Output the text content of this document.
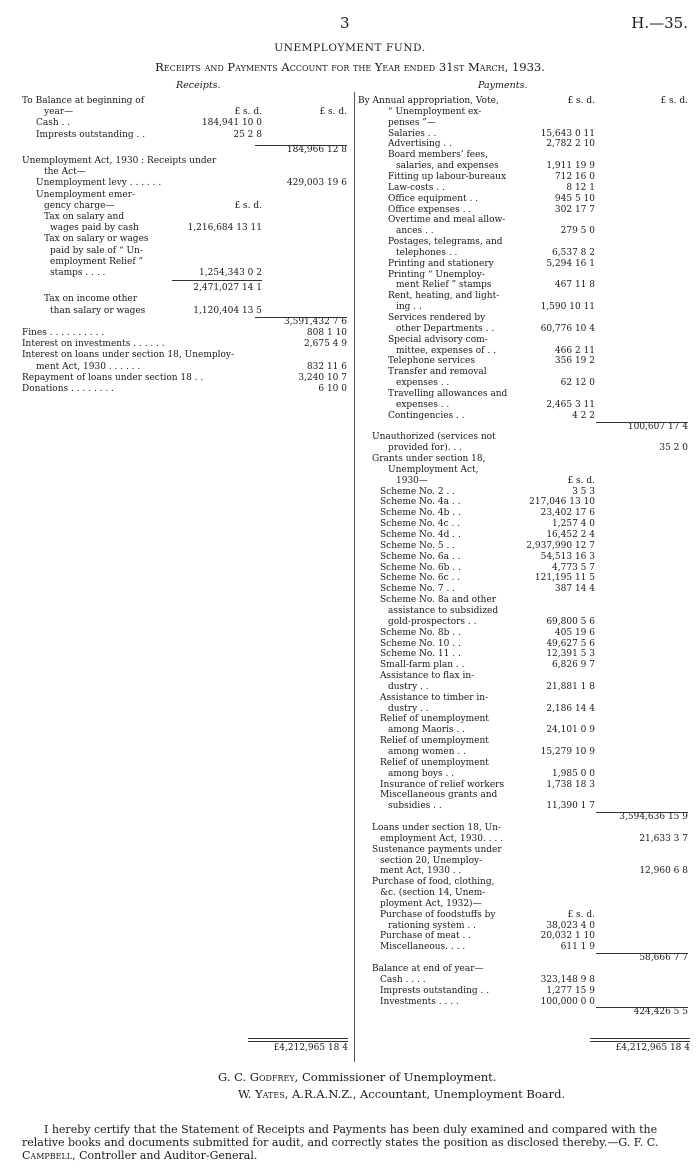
3	H.—35.
UNEMPLOYMENT FUND.
Receipts and Payments Account for the Year ended 31st March, 1933.
Receipts.	Payments.
To Balance at beginning of
year—	£ s. d.	£ s. d.
Cash . .	184,941 10 0
Imprests outstanding . .	25 2 8
184,966 12 8
Unemployment Act, 1930 : Receipts under
the Act—
Unemployment levy . . . . . .	429,003 19 6
Unemployment emer-
gency charge—	£ s. d.
Tax on salary and
wages paid by cash	1,216,684 13 11
Tax on salary or wages
paid by sale of “ Un-
employment Relief ”
stamps . . . .	1,254,343 0 2
2,471,027 14 1
Tax on income other
than salary or wages	1,120,404 13 5
3,591,432 7 6
Fines . . . . . . . . . .	808 1 10
Interest on investments . . . . . .	2,675 4 9
Interest on loans under section 18, Unemploy-
ment Act, 1930 . . . . . .	832 11 6
Repayment of loans under section 18 . .	3,240 10 7
Donations . . . . . . . .	6 10 0
By Annual appropriation, Vote,	£ s. d.	£ s. d.
“ Unemployment ex-
penses ”—
Salaries . .	15,643 0 11
Advertising . .	2,782 2 10
Board members’ fees,
salaries, and expenses	1,911 19 9
Fitting up labour-bureaux	712 16 0
Law-costs . .	8 12 1
Office equipment . .	945 5 10
Office expenses . .	302 17 7
Overtime and meal allow-
ances . .	279 5 0
Postages, telegrams, and
telephones . .	6,537 8 2
Printing and stationery	5,294 16 1
Printing “ Unemploy-
ment Relief ” stamps	467 11 8
Rent, heating, and light-
ing . .	1,590 10 11
Services rendered by
other Departments . .	60,776 10 4
Special advisory com-
mittee, expenses of . .	466 2 11
Telephone services	356 19 2
Transfer and removal
expenses . .	62 12 0
Travelling allowances and
expenses . .	2,465 3 11
Contingencies . .	4 2 2
100,607 17 4
Unauthorized (services not
provided for). . .	35 2 0
Grants under section 18,
Unemployment Act,
1930—	£ s. d.
Scheme No. 2 . .	3 5 3
Scheme No. 4a . .	217,046 13 10
Scheme No. 4b . .	23,402 17 6
Scheme No. 4c . .	1,257 4 0
Scheme No. 4d . .	16,452 2 4
Scheme No. 5 . .	2,937,990 12 7
Scheme No. 6a . .	54,513 16 3
Scheme No. 6b . .	4,773 5 7
Scheme No. 6c . .	121,195 11 5
Scheme No. 7 . .	387 14 4
Scheme No. 8a and other
assistance to subsidized
gold-prospectors . .	69,800 5 6
Scheme No. 8b . .	405 19 6
Scheme No. 10 . .	49,627 5 6
Scheme No. 11 . .	12,391 5 3
Small-farm plan . .	6,826 9 7
Assistance to flax in-
dustry . .	21,881 1 8
Assistance to timber in-
dustry . .	2,186 14 4
Relief of unemployment
among Maoris . .	24,101 0 9
Relief of unemployment
among women . .	15,279 10 9
Relief of unemployment
among boys . .	1,985 0 0
Insurance of relief workers	1,738 18 3
Miscellaneous grants and
subsidies . .	11,390 1 7
3,594,636 15 9
Loans under section 18, Un-
employment Act, 1930. . . .	21,633 3 7
Sustenance payments under
section 20, Unemploy-
ment Act, 1930 . .	12,960 6 8
Purchase of food, clothing,
&c. (section 14, Unem-
ployment Act, 1932)—
Purchase of foodstuffs by	£ s. d.
rationing system . .	38,023 4 0
Purchase of meat . .	20,032 1 10
Miscellaneous. . . .	611 1 9
58,666 7 7
Balance at end of year—
Cash . . . .	323,148 9 8
Imprests outstanding . .	1,277 15 9
Investments . . . .	100,000 0 0
424,426 5 5
£4,212,965 18 4	£4,212,965 18 4
G. C. Godfrey, Commissioner of Unemployment.
W. Yates, A.R.A.N.Z., Accountant, Unemployment Board.
I hereby certify that the Statement of Receipts and Payments has been duly examined and compared with the relative books and documents submitted for audit, and correctly states the position as disclosed thereby.—G. F. C. Campbell, Controller and Auditor-General.
